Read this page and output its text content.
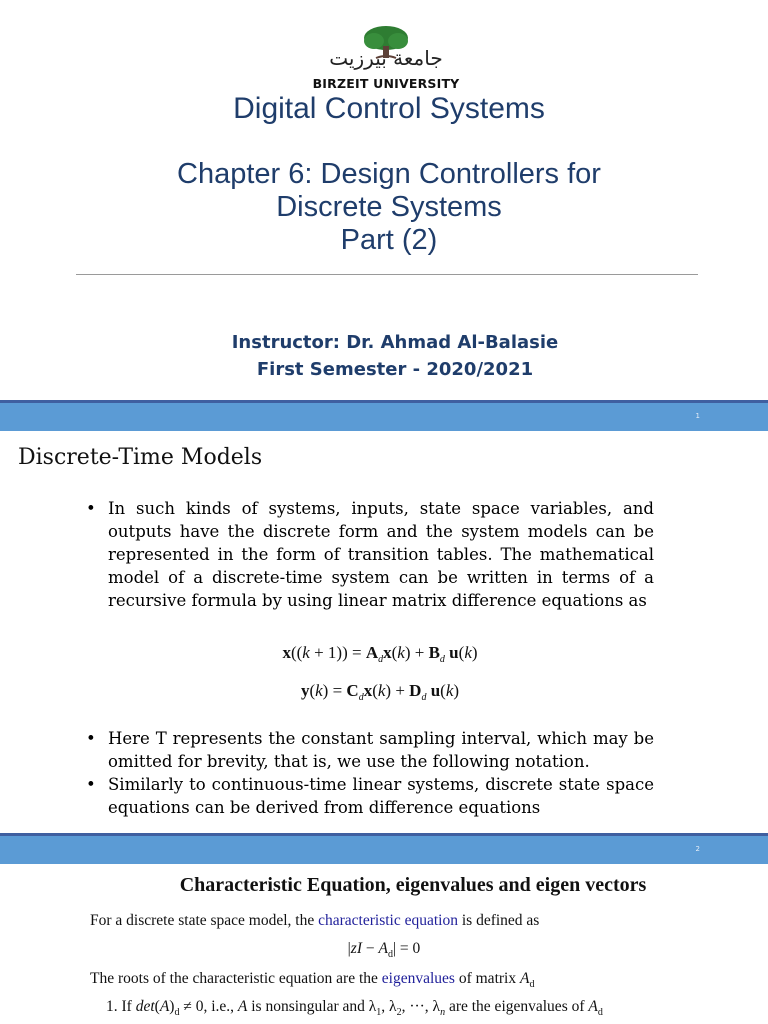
جامعة بيرزيت
BIRZEIT UNIVERSITY
Digital Control Systems
Chapter 6: Design Controllers for
Discrete Systems
Part (2)
Instructor: Dr. Ahmad Al-Balasie
First Semester - 2020/2021
1
Discrete-Time Models
• In such kinds of systems, inputs, state space variables, and outputs have the discrete form and the system models can be represented in the form of transition tables. The mathematical model of a discrete-time system can be written in terms of a recursive formula by using linear matrix difference equations as
$x((k + 1)) = A_dx(k) + B_d$ u(k)
$y(k) = C_dx(k) + D_d$ u(k)
• Here T represents the constant sampling interval, which may be omitted for brevity, that is, we use the following notation.
• Similarly to continuous-time linear systems, discrete state space equations can be derived from difference equations
2
Characteristic Equation, eigenvalues and eigen vectors
For a discrete state space model, the characteristic equation is defined as
$|zI - A_d| = 0$
The roots of the characteristic equation are the eigenvalues of matrix $A_d$
1. If $\det(A)_d \ne 0$, i.e., A is nonsingular and $\lambda_1$, $\lambda_2$, ···, $\lambda_n$ are the eigenvalues of $A_d$
